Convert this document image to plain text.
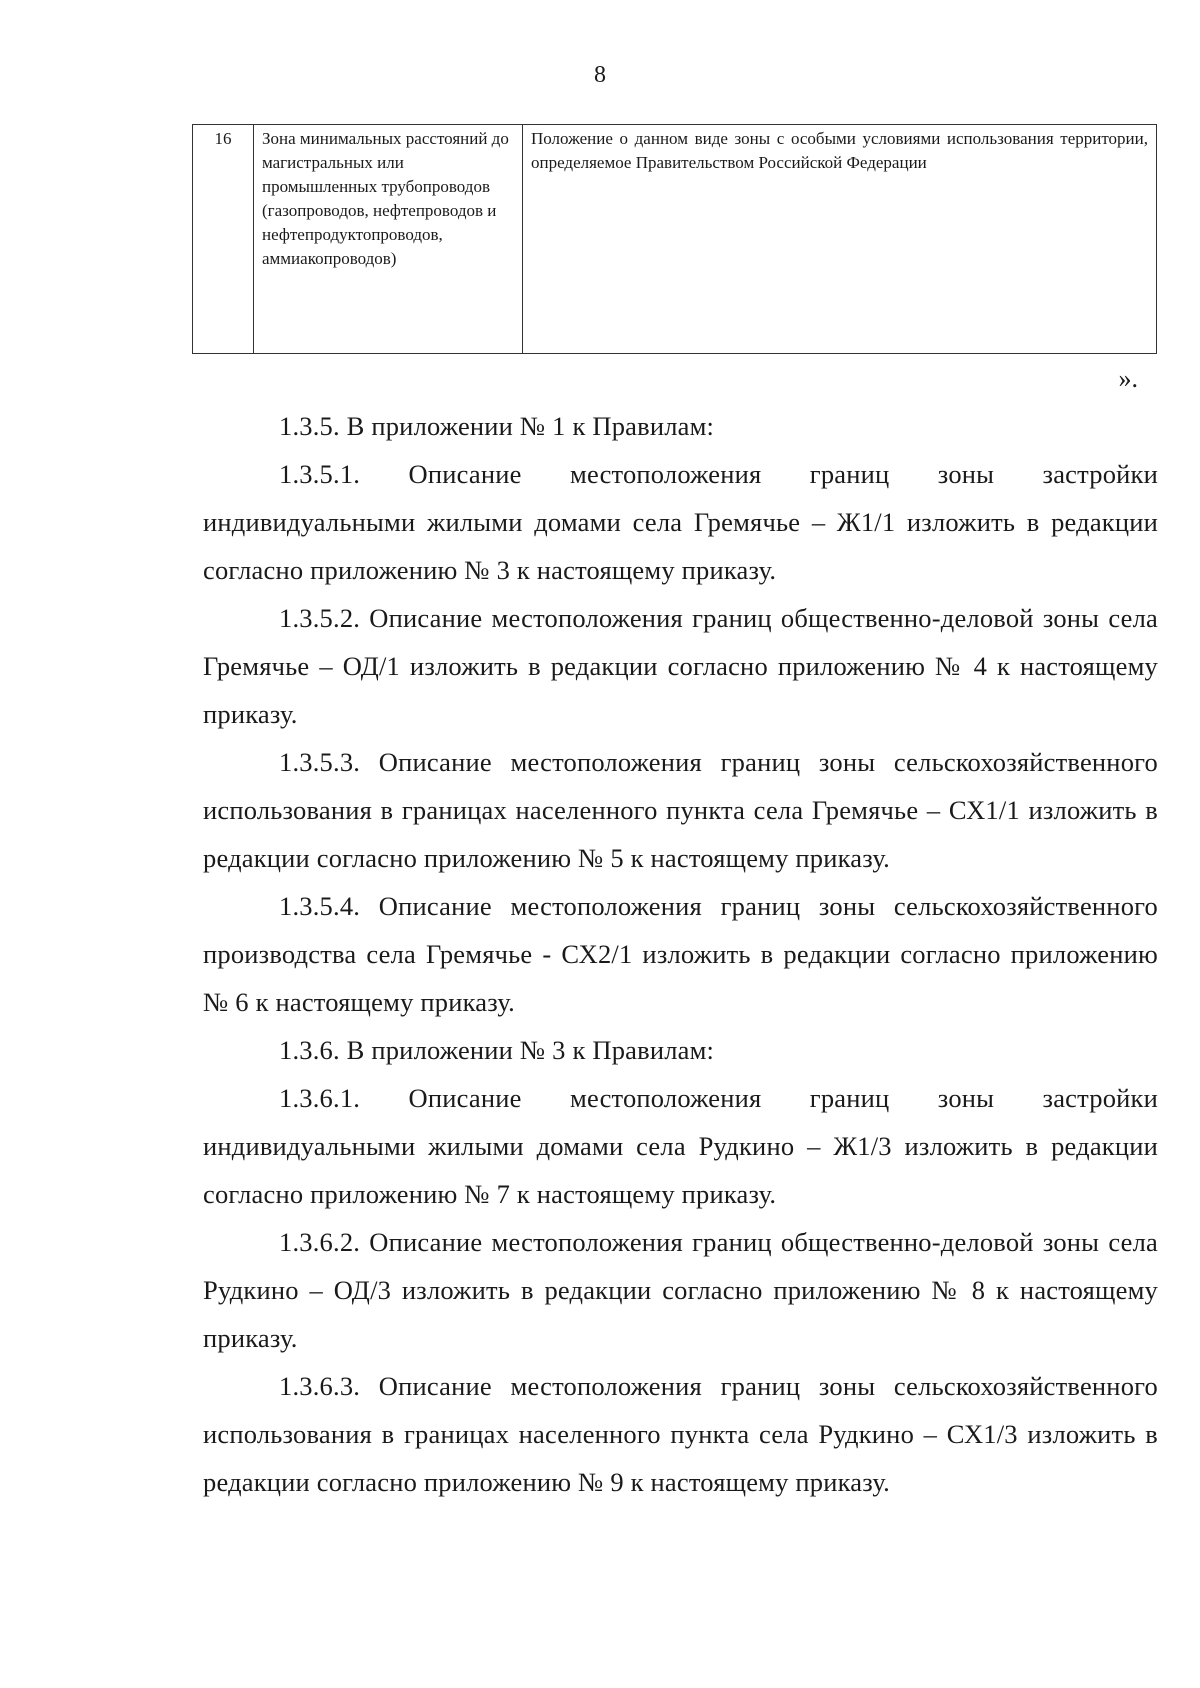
8
16	Зона минимальных расстояний до магистральных или промышленных трубопроводов (газопроводов, нефтепроводов и нефтепродуктопроводов, аммиакопроводов)	Положение о данном виде зоны с особыми условиями использования территории, определяемое Правительством Российской Федерации
».

1.3.5. В приложении № 1 к Правилам:

1.3.5.1. Описание местоположения границ зоны застройки индивидуальными жилыми домами села Гремячье – Ж1/1 изложить в редакции согласно приложению № 3 к настоящему приказу.

1.3.5.2. Описание местоположения границ общественно-деловой зоны села Гремячье – ОД/1 изложить в редакции согласно приложению № 4 к настоящему приказу.

1.3.5.3. Описание местоположения границ зоны сельскохозяйственного использования в границах населенного пункта села Гремячье – СХ1/1 изложить в редакции согласно приложению № 5 к настоящему приказу.

1.3.5.4. Описание местоположения границ зоны сельскохозяйственного производства села Гремячье - СХ2/1 изложить в редакции согласно приложению № 6 к настоящему приказу.

1.3.6. В приложении № 3 к Правилам:

1.3.6.1. Описание местоположения границ зоны застройки индивидуальными жилыми домами села Рудкино – Ж1/3 изложить в редакции согласно приложению № 7 к настоящему приказу.

1.3.6.2. Описание местоположения границ общественно-деловой зоны села Рудкино – ОД/3 изложить в редакции согласно приложению № 8 к настоящему приказу.

1.3.6.3. Описание местоположения границ зоны сельскохозяйственного использования в границах населенного пункта села Рудкино – СХ1/3 изложить в редакции согласно приложению № 9 к настоящему приказу.
